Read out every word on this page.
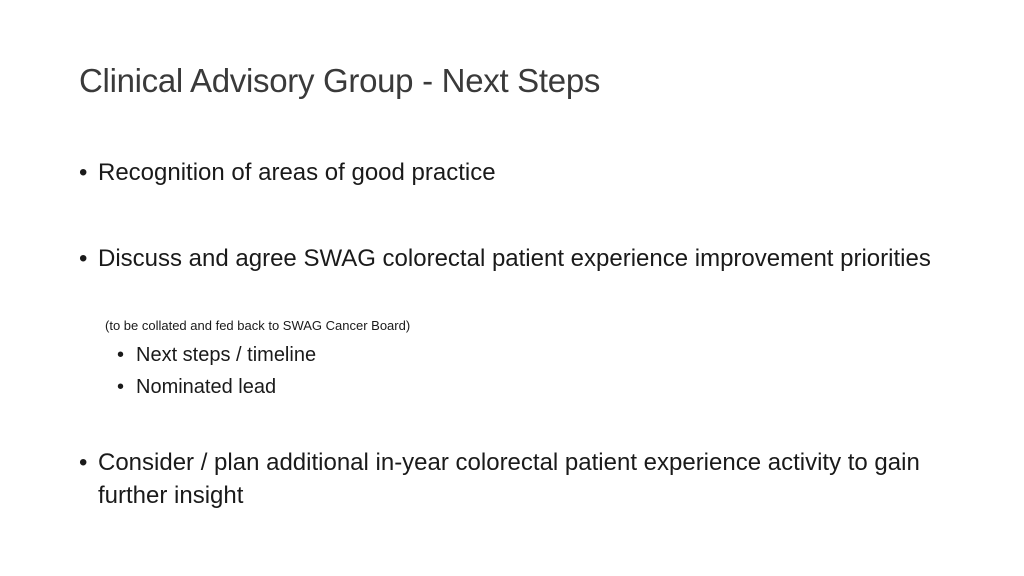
Clinical Advisory Group - Next Steps
• Recognition of areas of good practice
• Discuss and agree SWAG colorectal patient experience improvement priorities
(to be collated and fed back to SWAG Cancer Board)
• Next steps / timeline
• Nominated lead
• Consider / plan additional in-year colorectal patient experience activity to gain further insight
